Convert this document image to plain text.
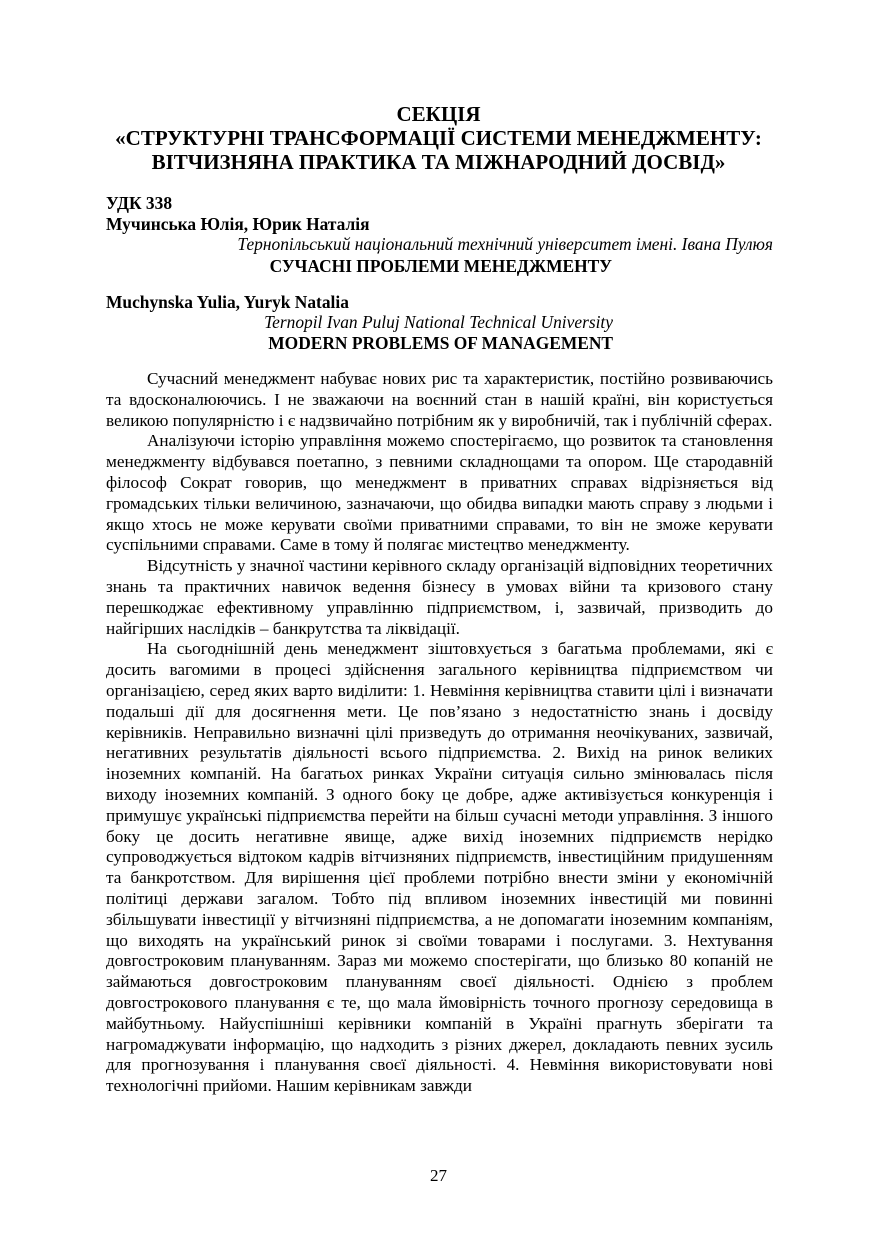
СЕКЦІЯ
«СТРУКТУРНІ ТРАНСФОРМАЦІЇ СИСТЕМИ МЕНЕДЖМЕНТУ:
ВІТЧИЗНЯНА ПРАКТИКА ТА МІЖНАРОДНИЙ ДОСВІД»
УДК 338
Мучинська Юлія, Юрик Наталія
Тернопільський національний технічний університет імені. Івана Пулюя
СУЧАСНІ ПРОБЛЕМИ МЕНЕДЖМЕНТУ
Muchynska Yulia, Yuryk Natalia
Ternopil Ivan Puluj National Technical University
MODERN PROBLEMS OF MANAGEMENT

Сучасний менеджмент набуває нових рис та характеристик, постійно розвиваючись та вдосконалюючись. І не зважаючи на воєнний стан в нашій країні, він користується великою популярністю і є надзвичайно потрібним як у виробничій, так і публічній сферах.

Аналізуючи історію управління можемо спостерігаємо, що розвиток та становлення менеджменту відбувався поетапно, з певними складнощами та опором. Ще стародавній філософ Сократ говорив, що менеджмент в приватних справах відрізняється від громадських тільки величиною, зазначаючи, що обидва випадки мають справу з людьми і якщо хтось не може керувати своїми приватними справами, то він не зможе керувати суспільними справами. Саме в тому й полягає мистецтво менеджменту.

Відсутність у значної частини керівного складу організацій відповідних теоретичних знань та практичних навичок ведення бізнесу в умовах війни та кризового стану перешкоджає ефективному управлінню підприємством, і, зазвичай, призводить до найгірших наслідків – банкрутства та ліквідації.

На сьогоднішній день менеджмент зіштовхується з багатьма проблемами, які є досить вагомими в процесі здійснення загального керівництва підприємством чи організацією, серед яких варто виділити: 1. Невміння керівництва ставити цілі і визначати подальші дії для досягнення мети. Це пов’язано з недостатністю знань і досвіду керівників. Неправильно визначні цілі призведуть до отримання неочікуваних, зазвичай, негативних результатів діяльності всього підприємства. 2. Вихід на ринок великих іноземних компаній. На багатьох ринках України ситуація сильно змінювалась після виходу іноземних компаній. З одного боку це добре, адже активізується конкуренція і примушує українські підприємства перейти на більш сучасні методи управління. З іншого боку це досить негативне явище, адже вихід іноземних підприємств нерідко супроводжується відтоком кадрів вітчизняних підприємств, інвестиційним придушенням та банкротством. Для вирішення цієї проблеми потрібно внести зміни у економічній політиці держави загалом. Тобто під впливом іноземних інвестицій ми повинні збільшувати інвестиції у вітчизняні підприємства, а не допомагати іноземним компаніям, що виходять на український ринок зі своїми товарами і послугами. 3. Нехтування довгостроковим плануванням. Зараз ми можемо спостерігати, що близько 80 копаній не займаються довгостроковим плануванням своєї діяльності. Однією з проблем довгострокового планування є те, що мала ймовірність точного прогнозу середовища в майбутньому. Найуспішніші керівники компаній в Україні прагнуть зберігати та нагромаджувати інформацію, що надходить з різних джерел, докладають певних зусиль для прогнозування і планування своєї діяльності. 4. Невміння використовувати нові технологічні прийоми. Нашим керівникам завжди

27
